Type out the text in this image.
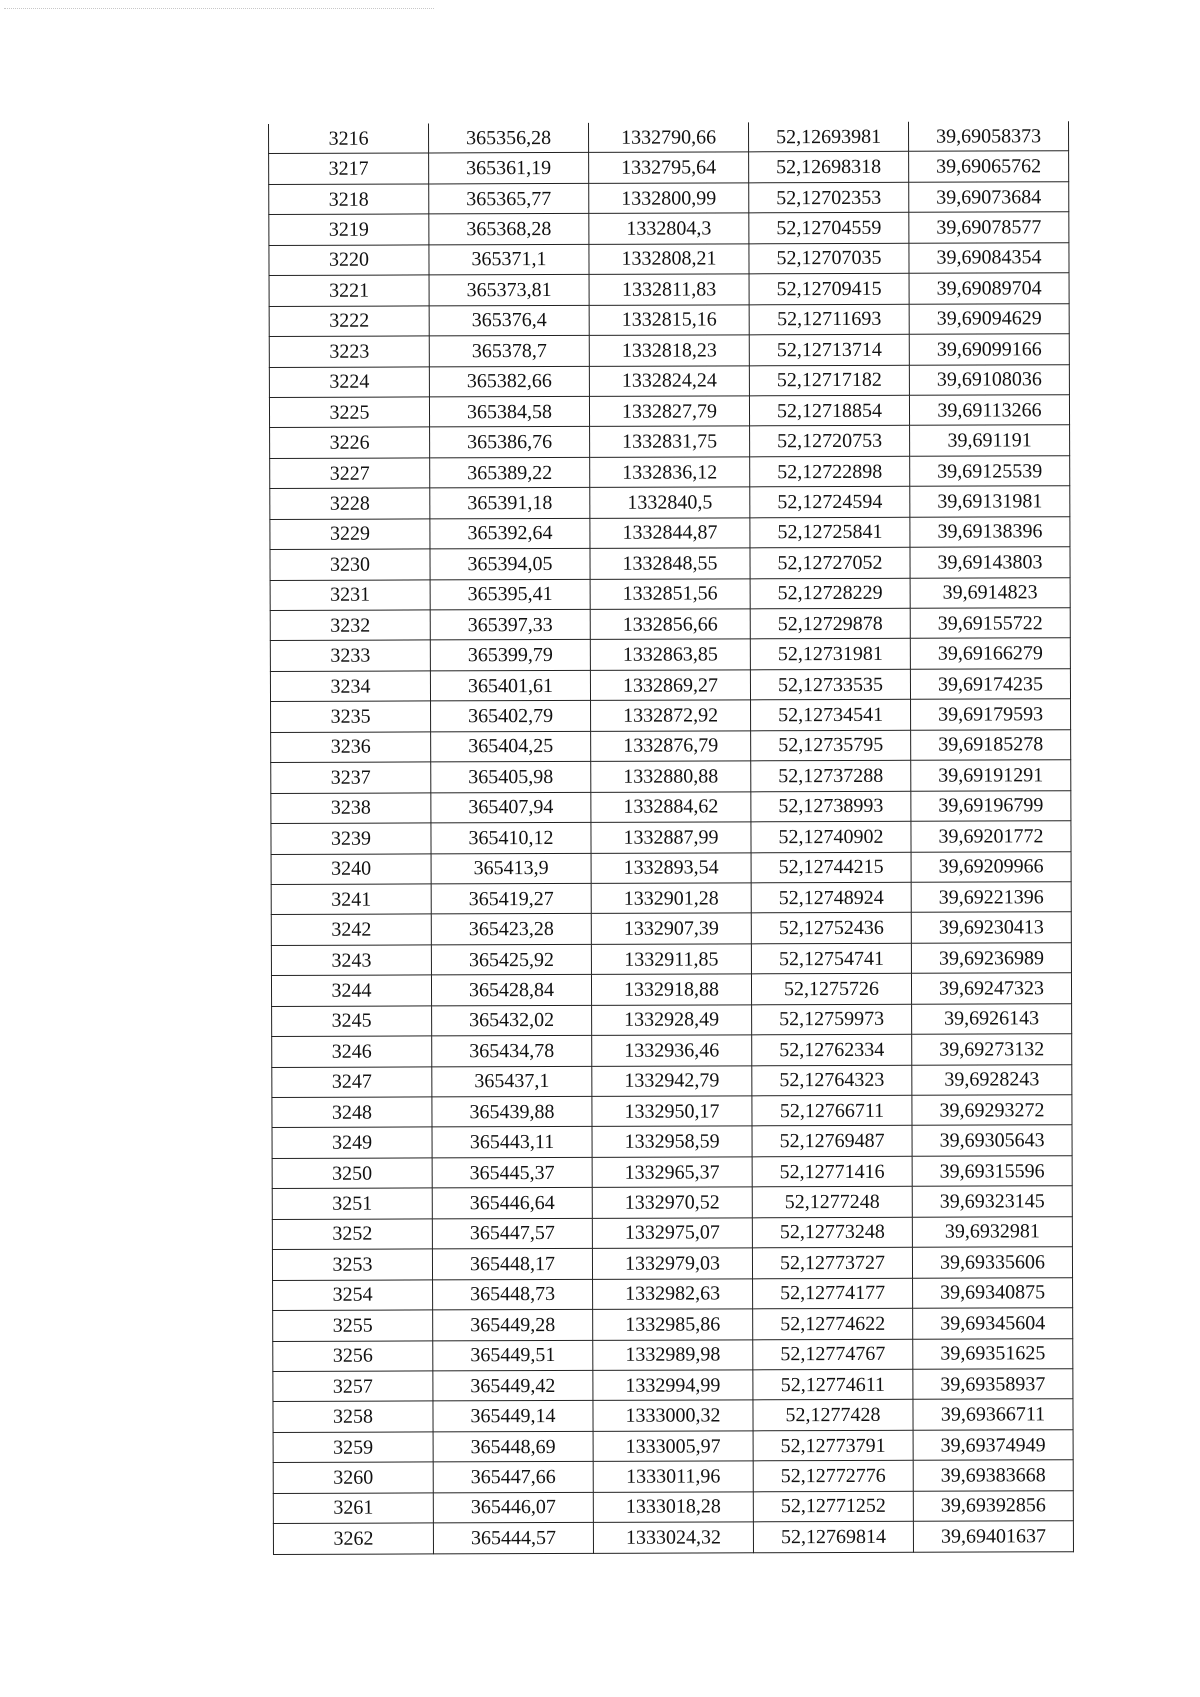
3216	365356,28	1332790,66	52,12693981	39,69058373
3217	365361,19	1332795,64	52,12698318	39,69065762
3218	365365,77	1332800,99	52,12702353	39,69073684
3219	365368,28	1332804,3	52,12704559	39,69078577
3220	365371,1	1332808,21	52,12707035	39,69084354
3221	365373,81	1332811,83	52,12709415	39,69089704
3222	365376,4	1332815,16	52,12711693	39,69094629
3223	365378,7	1332818,23	52,12713714	39,69099166
3224	365382,66	1332824,24	52,12717182	39,69108036
3225	365384,58	1332827,79	52,12718854	39,69113266
3226	365386,76	1332831,75	52,12720753	39,691191
3227	365389,22	1332836,12	52,12722898	39,69125539
3228	365391,18	1332840,5	52,12724594	39,69131981
3229	365392,64	1332844,87	52,12725841	39,69138396
3230	365394,05	1332848,55	52,12727052	39,69143803
3231	365395,41	1332851,56	52,12728229	39,6914823
3232	365397,33	1332856,66	52,12729878	39,69155722
3233	365399,79	1332863,85	52,12731981	39,69166279
3234	365401,61	1332869,27	52,12733535	39,69174235
3235	365402,79	1332872,92	52,12734541	39,69179593
3236	365404,25	1332876,79	52,12735795	39,69185278
3237	365405,98	1332880,88	52,12737288	39,69191291
3238	365407,94	1332884,62	52,12738993	39,69196799
3239	365410,12	1332887,99	52,12740902	39,69201772
3240	365413,9	1332893,54	52,12744215	39,69209966
3241	365419,27	1332901,28	52,12748924	39,69221396
3242	365423,28	1332907,39	52,12752436	39,69230413
3243	365425,92	1332911,85	52,12754741	39,69236989
3244	365428,84	1332918,88	52,1275726	39,69247323
3245	365432,02	1332928,49	52,12759973	39,6926143
3246	365434,78	1332936,46	52,12762334	39,69273132
3247	365437,1	1332942,79	52,12764323	39,6928243
3248	365439,88	1332950,17	52,12766711	39,69293272
3249	365443,11	1332958,59	52,12769487	39,69305643
3250	365445,37	1332965,37	52,12771416	39,69315596
3251	365446,64	1332970,52	52,1277248	39,69323145
3252	365447,57	1332975,07	52,12773248	39,6932981
3253	365448,17	1332979,03	52,12773727	39,69335606
3254	365448,73	1332982,63	52,12774177	39,69340875
3255	365449,28	1332985,86	52,12774622	39,69345604
3256	365449,51	1332989,98	52,12774767	39,69351625
3257	365449,42	1332994,99	52,12774611	39,69358937
3258	365449,14	1333000,32	52,1277428	39,69366711
3259	365448,69	1333005,97	52,12773791	39,69374949
3260	365447,66	1333011,96	52,12772776	39,69383668
3261	365446,07	1333018,28	52,12771252	39,69392856
3262	365444,57	1333024,32	52,12769814	39,69401637
